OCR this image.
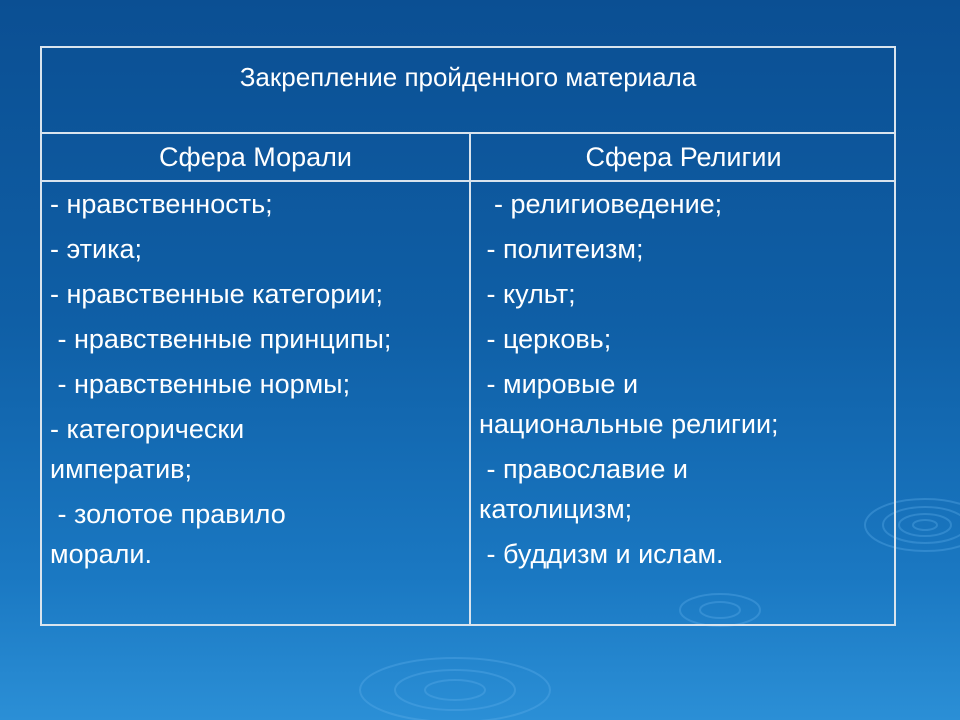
Закрепление пройденного материала
Сфера Морали	Сфера Религии
- нравственность;
- этика;
- нравственные категории;
- нравственные принципы;
- нравственные нормы;
- категорически
императив;
- золотое правило
морали.
- религиоведение;
- политеизм;
- культ;
- церковь;
- мировые и
национальные религии;
- православие и
католицизм;
- буддизм и ислам.
